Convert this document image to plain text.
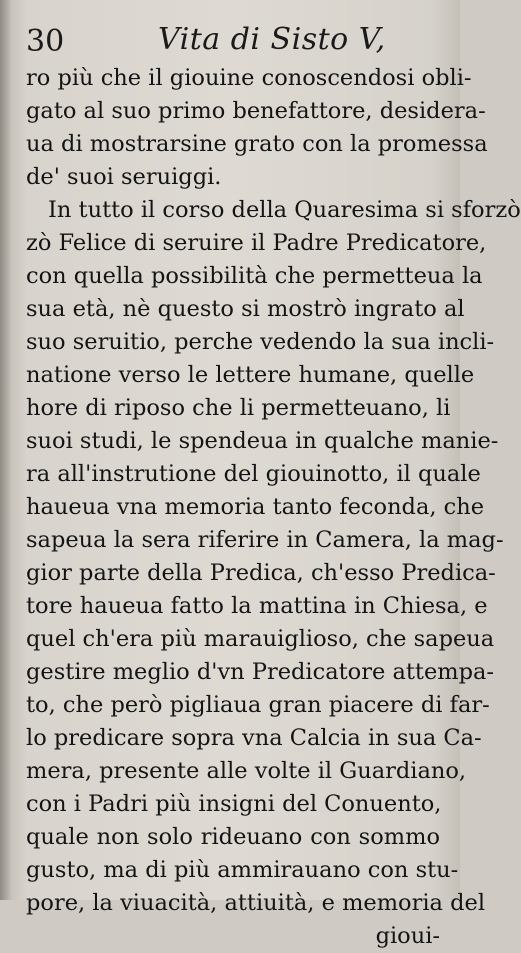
30	Vita di Sisto V,
ro più che il giouine conoscendosi obli-
gato al suo primo benefattore, desidera-
ua di mostrarsine grato con la promessa
de' suoi seruiggi.
In tutto il corso della Quaresima si sforzò
zò Felice di seruire il Padre Predicatore,
con quella possibilità che permetteua la
sua età, nè questo si mostrò ingrato al
suo seruitio, perche vedendo la sua incli-
natione verso le lettere humane, quelle
hore di riposo che li permetteuano, li
suoi studi, le spendeua in qualche manie-
ra all'instrutione del giouinotto, il quale
haueua vna memoria tanto feconda, che
sapeua la sera riferire in Camera, la mag-
gior parte della Predica, ch'esso Predica-
tore haueua fatto la mattina in Chiesa, e
quel ch'era più marauiglioso, che sapeua
gestire meglio d'vn Predicatore attempa-
to, che però pigliaua gran piacere di far-
lo predicare sopra vna Calcia in sua Ca-
mera, presente alle volte il Guardiano,
con i Padri più insigni del Conuento,
quale non solo rideuano con sommo
gusto, ma di più ammirauano con stu-
pore, la viuacità, attiuità, e memoria del
gioui-
